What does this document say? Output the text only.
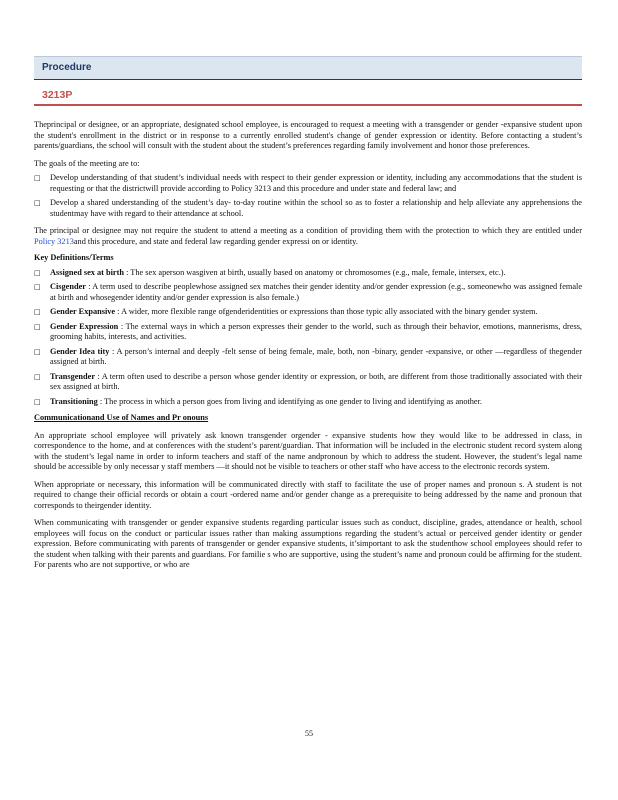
Procedure
3213P

Theprincipal or designee, or an appropriate, designated school employee, is encouraged to request a meeting with a transgender or gender -expansive student upon the student's enrollment in the district or in response to a currently enrolled student's change of gender expression or identity. Before contacting a student’s parents/guardians, the school will consult with the student about the student’s preferences regarding family involvement and honor those preferences.

The goals of the meeting are to:

□	Develop understanding of that student’s individual needs with respect to their gender expression or identity, including any accommodations that the student is requesting or that the districtwill provide according to Policy 3213 and this procedure and under state and federal law; and
□	Develop a shared understanding of the student’s day- to-day routine within the school so as to foster a relationship and help alleviate any apprehensions the studentmay have with regard to their attendance at school.

The principal or designee may not require the student to attend a meeting as a condition of providing them with the protection to which they are entitled under Policy 3213and this procedure, and state and federal law regarding gender expressi on or identity.

Key Definitions/Terms
□	Assigned sex at birth : The sex aperson wasgiven at birth, usually based on anatomy or chromosomes (e.g., male, female, intersex, etc.).
□	Cisgender : A term used to describe peoplewhose assigned sex matches their gender identity and/or gender expression (e.g., someonewho was assigned female at birth and whosegender identity and/or gender expression is also female.)
□	Gender Expansive : A wider, more flexible range ofgenderidentities or expressions than those typic ally associated with the binary gender system.
□	Gender Expression : The external ways in which a person expresses their gender to the world, such as through their behavior, emotions, mannerisms, dress, grooming habits, interests, and activities.
□	Gender Idea tity : A person’s internal and deeply -felt sense of being female, male, both, non -binary, gender -expansive, or other —regardless of thegender assigned at birth.
□	Transgender : A term often used to describe a person whose gender identity or expression, or both, are different from those traditionally associated with their sex assigned at birth.
□	Transitioning : The process in which a person goes from living and identifying as one gender to living and identifying as another.
Communicationand Use of Names and Pr onouns

An appropriate school employee will privately ask known transgender orgender - expansive students how they would like to be addressed in class, in correspondence to the home, and at conferences with the student’s parent/guardian. That information will be included in the electronic student record system along with the student’s legal name in order to inform teachers and staff of the name andpronoun by which to address the student. However, the student’s legal name should be accessible by only necessar y staff members —it should not be visible to teachers or other staff who have access to the electronic records system.

When appropriate or necessary, this information will be communicated directly with staff to facilitate the use of proper names and pronoun s. A student is not required to change their official records or obtain a court -ordered name and/or gender change as a prerequisite to being addressed by the name and pronoun that corresponds to theirgender identity.

When communicating with transgender or gender expansive students regarding particular issues such as conduct, discipline, grades, attendance or health, school employees will focus on the conduct or particular issues rather than making assumptions regarding the student’s actual or perceived gender identity or gender expression. Before communicating with parents of transgender or gender expansive students, it’simportant to ask the studenthow school employees should refer to the student when talking with their parents and guardians. For familie s who are supportive, using the student’s name and pronoun could be affirming for the student. For parents who are not supportive, or who are

55
